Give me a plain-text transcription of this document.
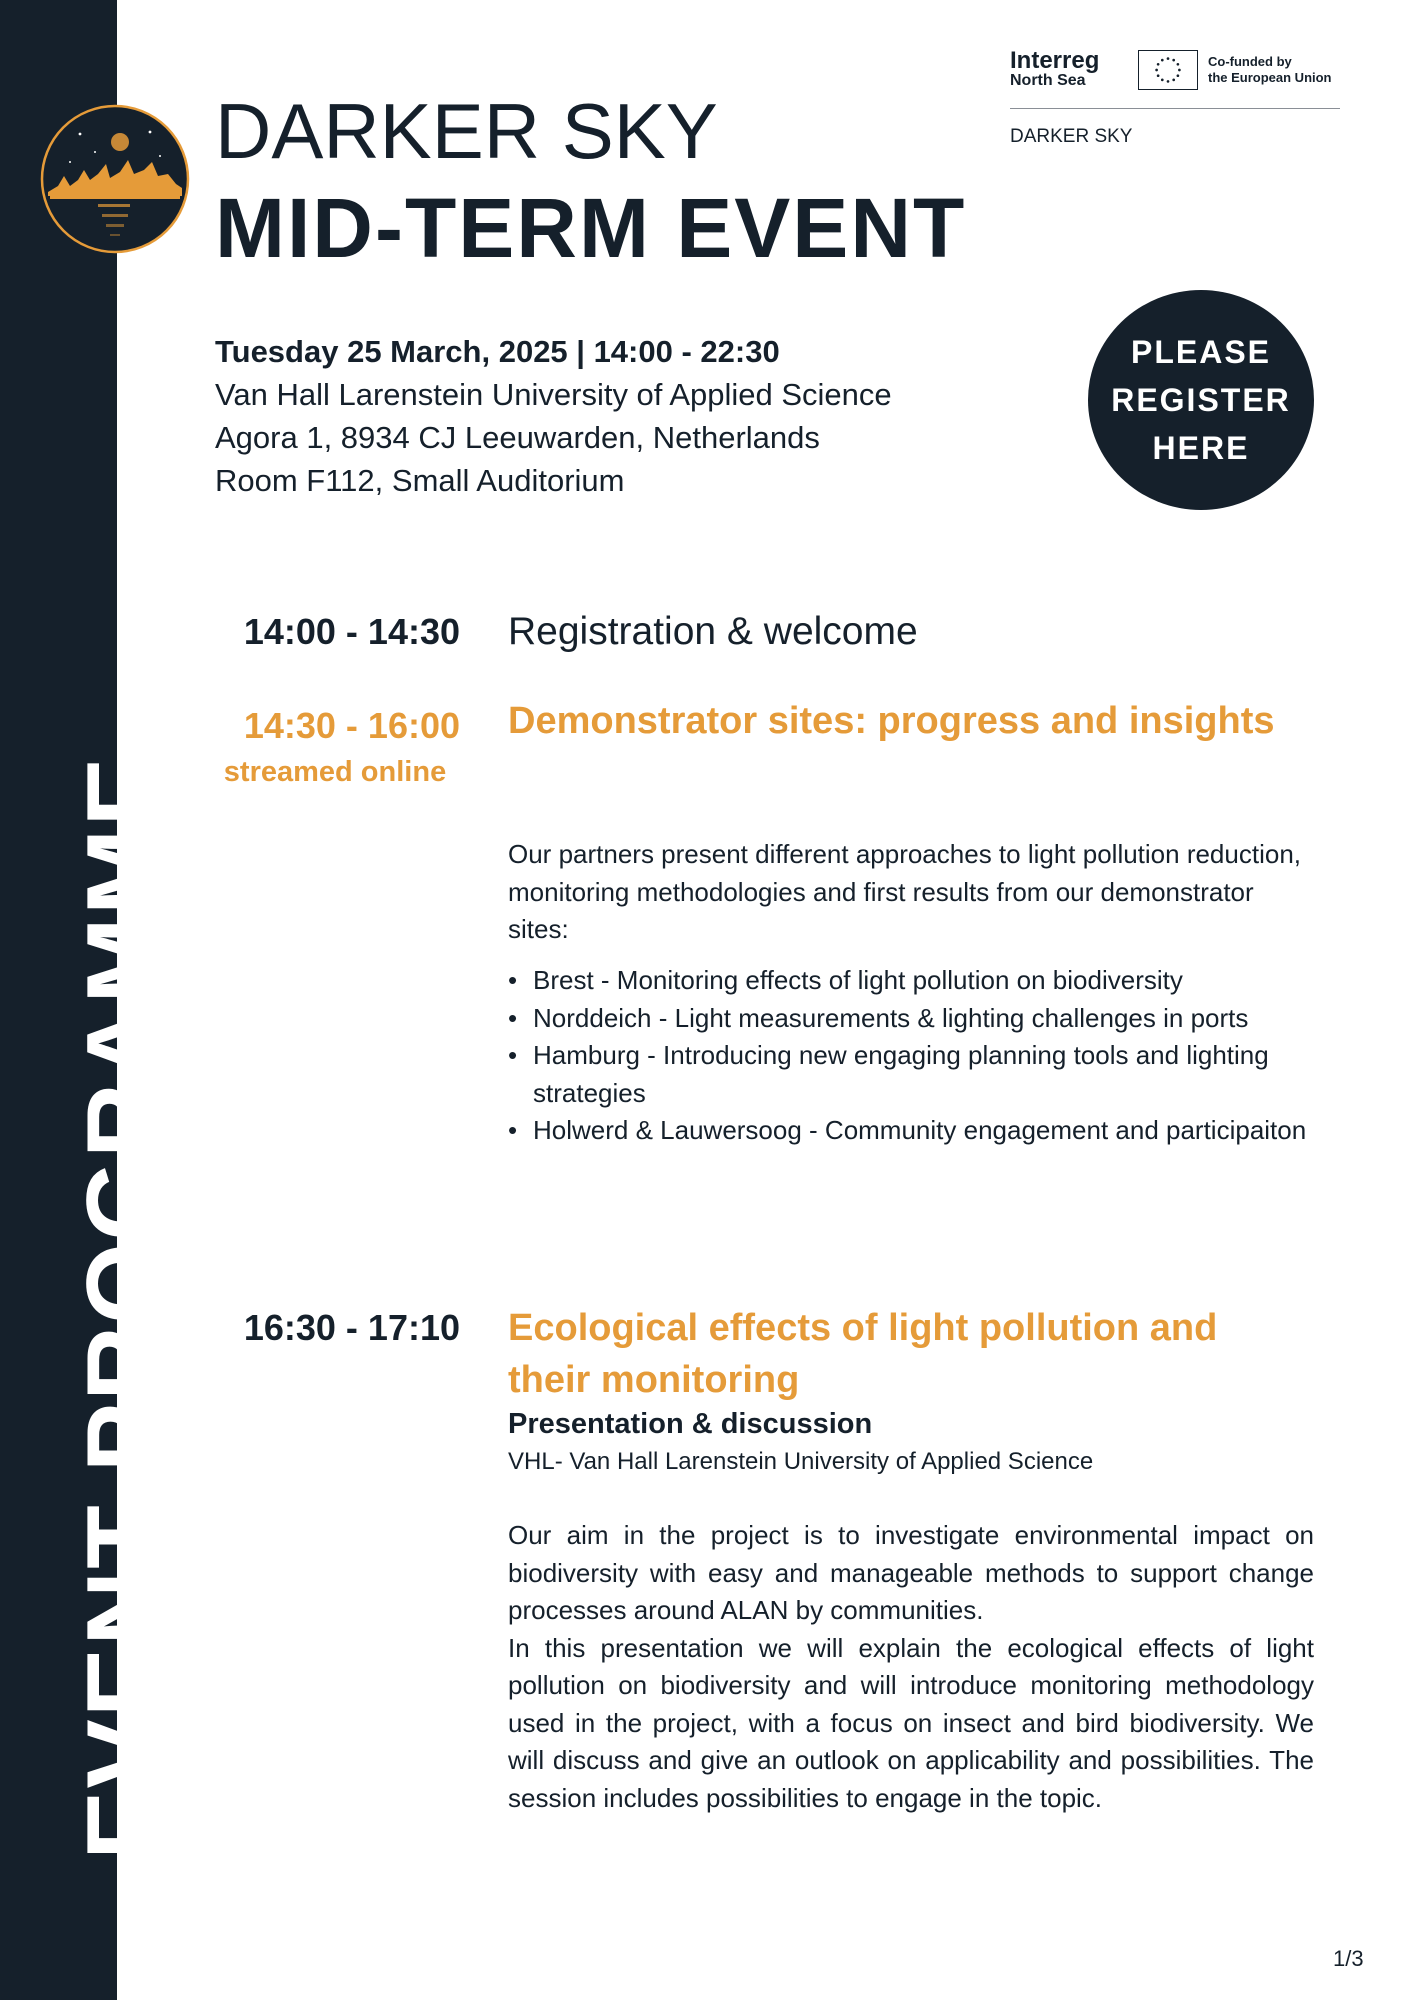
EVENT PROGRAMME
DARKER SKY
MID-TERM EVENT
Interreg
North Sea
Co-funded by
the European Union
DARKER SKY
Tuesday 25 March, 2025 | 14:00 - 22:30
Van Hall Larenstein University of Applied Science
Agora 1, 8934 CJ Leeuwarden, Netherlands
Room F112, Small Auditorium
PLEASE
REGISTER
HERE
14:00 - 14:30 Registration & welcome
14:30 - 16:00
streamed online
Demonstrator sites: progress and insights
Our partners present different approaches to light pollution reduction, monitoring methodologies and first results from our demonstrator sites:
• Brest - Monitoring effects of light pollution on biodiversity
• Norddeich - Light measurements & lighting challenges in ports
• Hamburg - Introducing new engaging planning tools and lighting strategies
• Holwerd & Lauwersoog - Community engagement and participaiton
16:30 - 17:10 Ecological effects of light pollution and their monitoring
Presentation & discussion
VHL- Van Hall Larenstein University of Applied Science
Our aim in the project is to investigate environmental impact on biodiversity with easy and manageable methods to support change processes around ALAN by communities.
In this presentation we will explain the ecological effects of light pollution on biodiversity and will introduce monitoring methodology used in the project, with a focus on insect and bird biodiversity. We will discuss and give an outlook on applicability and possibilities. The session includes possibilities to engage in the topic.
1/3
